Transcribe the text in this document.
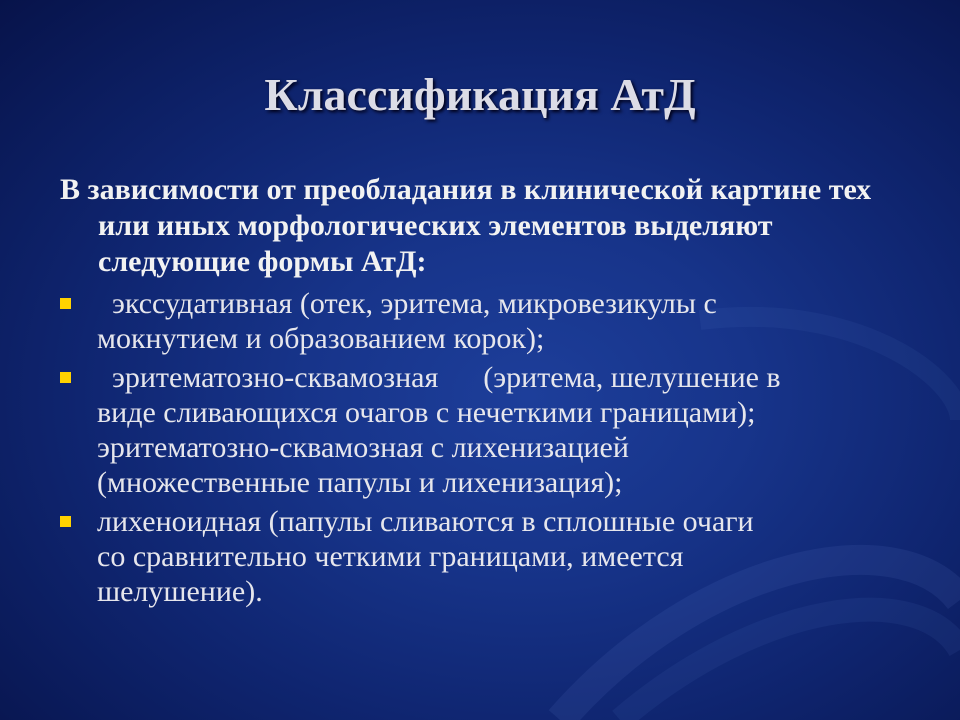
Классификация АтД

В зависимости от преобладания в клинической картине тех или иных морфологических элементов выделяют следующие формы АтД:

экссудативная (отек, эритема, микровезикулы с
мокнутием и образованием корок);
эритематозно-сквамозная      (эритема, шелушение в
виде сливающихся очагов с нечеткими границами);
эритематозно-сквамозная с лихенизацией
(множественные папулы и лихенизация);
лихеноидная (папулы сливаются в сплошные очаги
со сравнительно четкими границами, имеется
шелушение).
